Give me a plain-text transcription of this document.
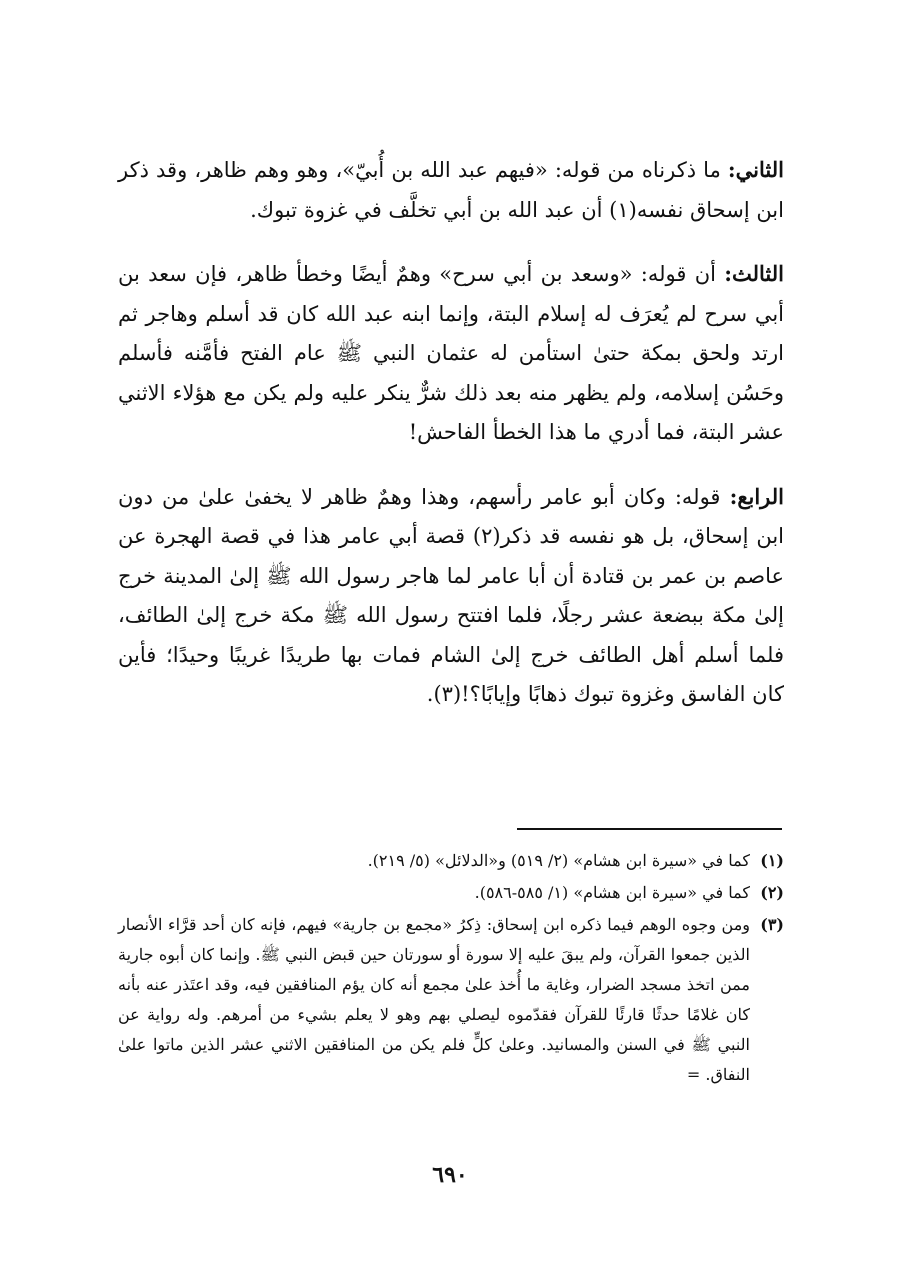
الثاني: ما ذكرناه من قوله: «فيهم عبد الله بن أُبيّ»، وهو وهم ظاهر، وقد ذكر ابن إسحاق نفسه(١) أن عبد الله بن أبي تخلَّف في غزوة تبوك.

الثالث: أن قوله: «وسعد بن أبي سرح» وهمٌ أيضًا وخطأ ظاهر، فإن سعد بن أبي سرح لم يُعرَف له إسلام البتة، وإنما ابنه عبد الله كان قد أسلم وهاجر ثم ارتد ولحق بمكة حتىٰ استأمن له عثمان النبي ﷺ عام الفتح فأمَّنه فأسلم وحَسُن إسلامه، ولم يظهر منه بعد ذلك شرٌّ ينكر عليه ولم يكن مع هؤلاء الاثني عشر البتة، فما أدري ما هذا الخطأ الفاحش!

الرابع: قوله: وكان أبو عامر رأسهم، وهذا وهمٌ ظاهر لا يخفىٰ علىٰ من دون ابن إسحاق، بل هو نفسه قد ذكر(٢) قصة أبي عامر هذا في قصة الهجرة عن عاصم بن عمر بن قتادة أن أبا عامر لما هاجر رسول الله ﷺ إلىٰ المدينة خرج إلىٰ مكة ببضعة عشر رجلًا، فلما افتتح رسول الله ﷺ مكة خرج إلىٰ الطائف، فلما أسلم أهل الطائف خرج إلىٰ الشام فمات بها طريدًا غريبًا وحيدًا؛ فأين كان الفاسق وغزوة تبوك ذهابًا وإيابًا؟!(٣).

(١)
كما في «سيرة ابن هشام» (٢/ ٥١٩) و«الدلائل» (٥/ ٢١٩).
(٢)
كما في «سيرة ابن هشام» (١/ ٥٨٥-٥٨٦).
(٣)
ومن وجوه الوهم فيما ذكره ابن إسحاق: ذِكرُ «مجمع بن جارية» فيهم، فإنه كان أحد قرَّاء الأنصار الذين جمعوا القرآن، ولم يبقَ عليه إلا سورة أو سورتان حين قبض النبي ﷺ. وإنما كان أبوه جارية ممن اتخذ مسجد الضرار، وغاية ما أُخذ علىٰ مجمع أنه كان يؤم المنافقين فيه، وقد اعتَذر عنه بأنه كان غلامًا حدثًا قارئًا للقرآن فقدّموه ليصلي بهم وهو لا يعلم بشيء من أمرهم. وله رواية عن النبي ﷺ في السنن والمسانيد. وعلىٰ كلٍّ فلم يكن من المنافقين الاثني عشر الذين ماتوا علىٰ النفاق. =
٦٩٠
